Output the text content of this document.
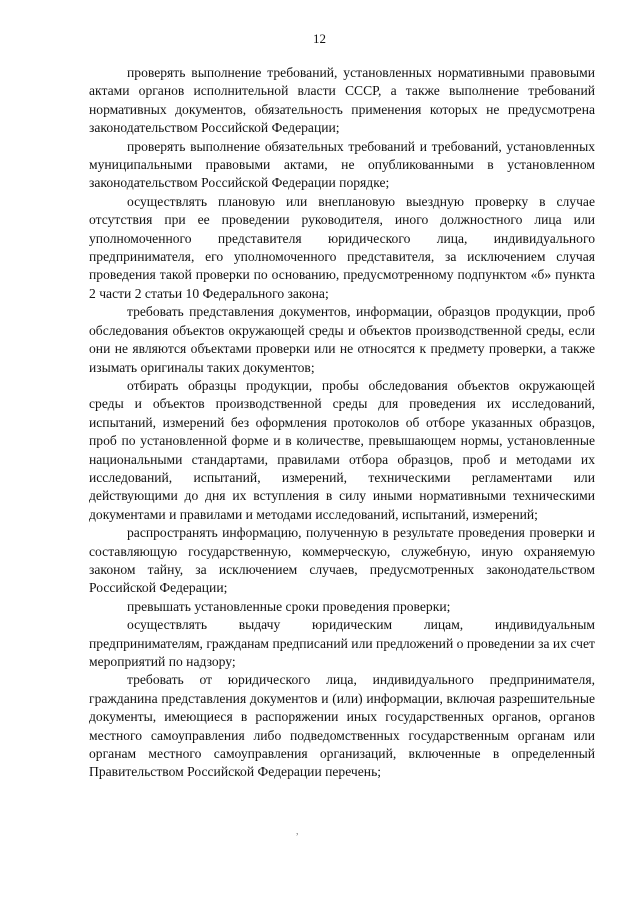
12

проверять выполнение требований, установленных нормативными правовыми актами органов исполнительной власти СССР, а также выполнение требований нормативных документов, обязательность применения которых не предусмотрена законодательством Российской Федерации;

проверять выполнение обязательных требований и требований, установленных муниципальными правовыми актами, не опубликованными в установленном законодательством Российской Федерации порядке;

осуществлять плановую или внеплановую выездную проверку в случае отсутствия при ее проведении руководителя, иного должностного лица или уполномоченного представителя юридического лица, индивидуального предпринимателя, его уполномоченного представителя, за исключением случая проведения такой проверки по основанию, предусмотренному подпунктом «б» пункта 2 части 2 статьи 10 Федерального закона;

требовать представления документов, информации, образцов продукции, проб обследования объектов окружающей среды и объектов производственной среды, если они не являются объектами проверки или не относятся к предмету проверки, а также изымать оригиналы таких документов;

отбирать образцы продукции, пробы обследования объектов окружающей среды и объектов производственной среды для проведения их исследований, испытаний, измерений без оформления протоколов об отборе указанных образцов, проб по установленной форме и в количестве, превышающем нормы, установленные национальными стандартами, правилами отбора образцов, проб и методами их исследований, испытаний, измерений, техническими регламентами или действующими до дня их вступления в силу иными нормативными техническими документами и правилами и методами исследований, испытаний, измерений;

распространять информацию, полученную в результате проведения проверки и составляющую государственную, коммерческую, служебную, иную охраняемую законом тайну, за исключением случаев, предусмотренных законодательством Российской Федерации;

превышать установленные сроки проведения проверки;

осуществлять выдачу юридическим лицам, индивидуальным предпринимателям, гражданам предписаний или предложений о проведении за их счет мероприятий по надзору;

требовать от юридического лица, индивидуального предпринимателя, гражданина представления документов и (или) информации, включая разрешительные документы, имеющиеся в распоряжении иных государственных органов, органов местного самоуправления либо подведомственных государственным органам или органам местного самоуправления организаций, включенные в определенный Правительством Российской Федерации перечень;

,
